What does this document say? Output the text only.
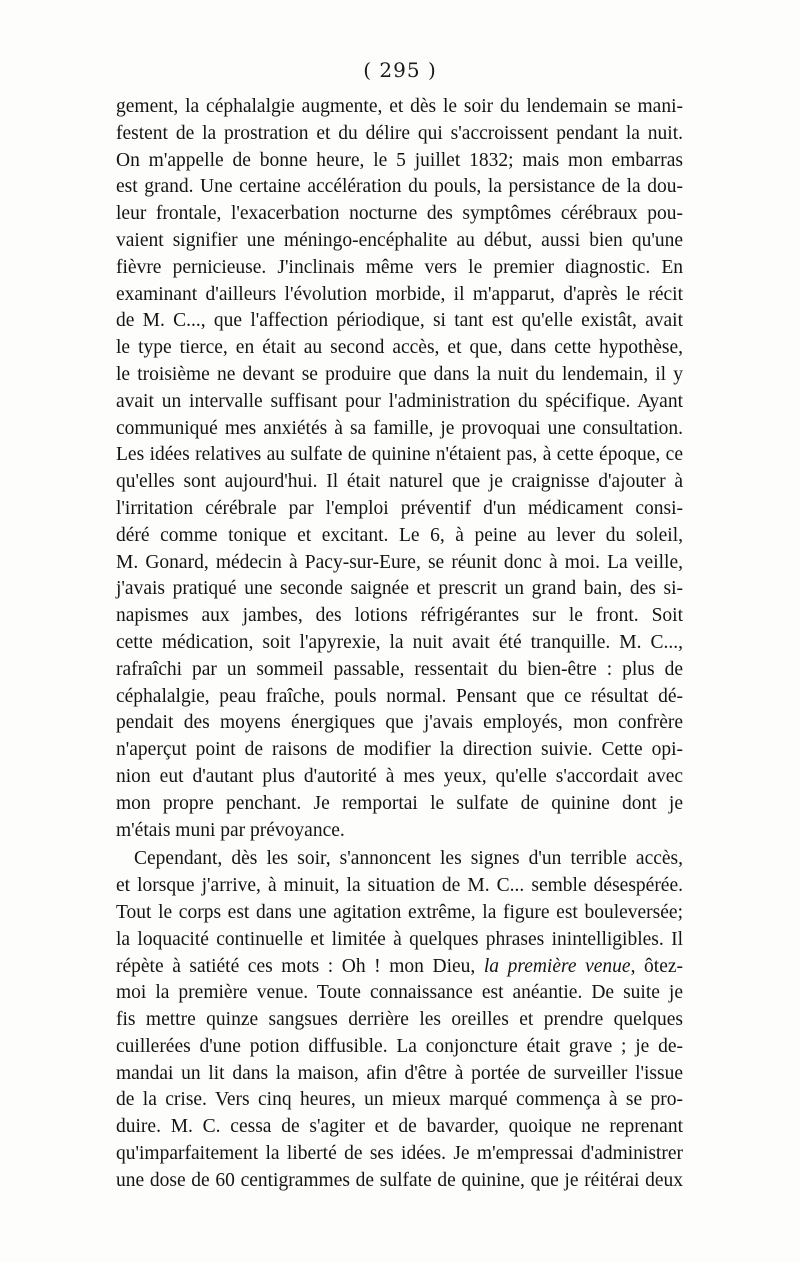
( 295 )
gement, la céphalalgie augmente, et dès le soir du lendemain se mani-
festent de la prostration et du délire qui s'accroissent pendant la nuit.
On m'appelle de bonne heure, le 5 juillet 1832; mais mon embarras
est grand. Une certaine accélération du pouls, la persistance de la dou-
leur frontale, l'exacerbation nocturne des symptômes cérébraux pou-
vaient signifier une méningo-encéphalite au début, aussi bien qu'une
fièvre pernicieuse. J'inclinais même vers le premier diagnostic. En
examinant d'ailleurs l'évolution morbide, il m'apparut, d'après le récit
de M. C..., que l'affection périodique, si tant est qu'elle existât, avait
le type tierce, en était au second accès, et que, dans cette hypothèse,
le troisième ne devant se produire que dans la nuit du lendemain, il y
avait un intervalle suffisant pour l'administration du spécifique. Ayant
communiqué mes anxiétés à sa famille, je provoquai une consultation.
Les idées relatives au sulfate de quinine n'étaient pas, à cette époque, ce
qu'elles sont aujourd'hui. Il était naturel que je craignisse d'ajouter à
l'irritation cérébrale par l'emploi préventif d'un médicament consi-
déré comme tonique et excitant. Le 6, à peine au lever du soleil,
M. Gonard, médecin à Pacy-sur-Eure, se réunit donc à moi. La veille,
j'avais pratiqué une seconde saignée et prescrit un grand bain, des si-
napismes aux jambes, des lotions réfrigérantes sur le front. Soit
cette médication, soit l'apyrexie, la nuit avait été tranquille. M. C...,
rafraîchi par un sommeil passable, ressentait du bien-être : plus de
céphalalgie, peau fraîche, pouls normal. Pensant que ce résultat dé-
pendait des moyens énergiques que j'avais employés, mon confrère
n'aperçut point de raisons de modifier la direction suivie. Cette opi-
nion eut d'autant plus d'autorité à mes yeux, qu'elle s'accordait avec
mon propre penchant. Je remportai le sulfate de quinine dont je
m'étais muni par prévoyance.
Cependant, dès les soir, s'annoncent les signes d'un terrible accès,
et lorsque j'arrive, à minuit, la situation de M. C... semble désespérée.
Tout le corps est dans une agitation extrême, la figure est bouleversée;
la loquacité continuelle et limitée à quelques phrases inintelligibles. Il
répète à satiété ces mots : Oh ! mon Dieu, la première venue, ôtez-
moi la première venue. Toute connaissance est anéantie. De suite je
fis mettre quinze sangsues derrière les oreilles et prendre quelques
cuillerées d'une potion diffusible. La conjoncture était grave ; je de-
mandai un lit dans la maison, afin d'être à portée de surveiller l'issue
de la crise. Vers cinq heures, un mieux marqué commença à se pro-
duire. M. C. cessa de s'agiter et de bavarder, quoique ne reprenant
qu'imparfaitement la liberté de ses idées. Je m'empressai d'administrer
une dose de 60 centigrammes de sulfate de quinine, que je réitérai deux
